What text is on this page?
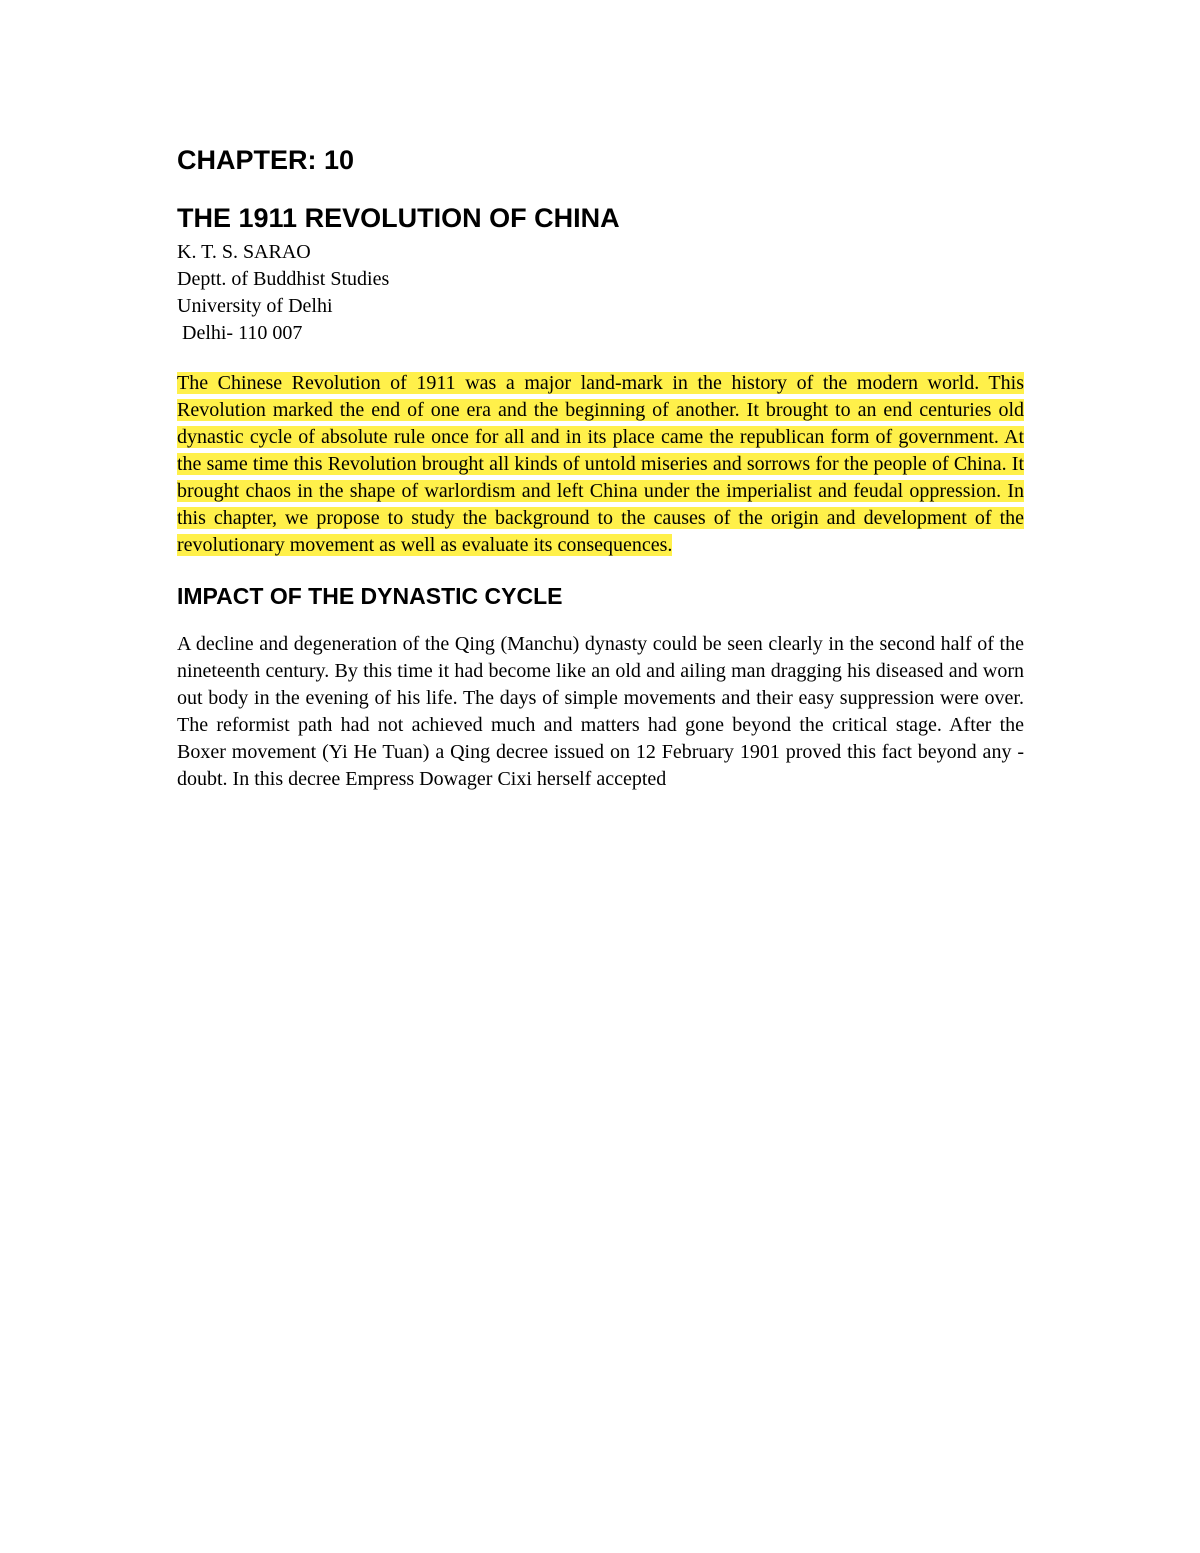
CHAPTER: 10
THE 1911 REVOLUTION OF CHINA
K. T. S. SARAO
Deptt. of Buddhist Studies
University of Delhi
Delhi- 110 007

The Chinese Revolution of 1911 was a major land-mark in the history of the modern world. This Revolution marked the end of one era and the beginning of another. It brought to an end centuries old dynastic cycle of absolute rule once for all and in its place came the republican form of government. At the same time this Revolution brought all kinds of untold miseries and sorrows for the people of China. It brought chaos in the shape of warlordism and left China under the imperialist and feudal oppression. In this chapter, we propose to study the background to the causes of the origin and development of the revolutionary movement as well as evaluate its consequences.

IMPACT OF THE DYNASTIC CYCLE

A decline and degeneration of the Qing (Manchu) dynasty could be seen clearly in the second half of the nineteenth century. By this time it had become like an old and ailing man dragging his diseased and worn out body in the evening of his life. The days of simple movements and their easy suppression were over. The reformist path had not achieved much and matters had gone beyond the critical stage. After the Boxer movement (Yi He Tuan) a Qing decree issued on 12 February 1901 proved this fact beyond any -doubt. In this decree Empress Dowager Cixi herself accepted
